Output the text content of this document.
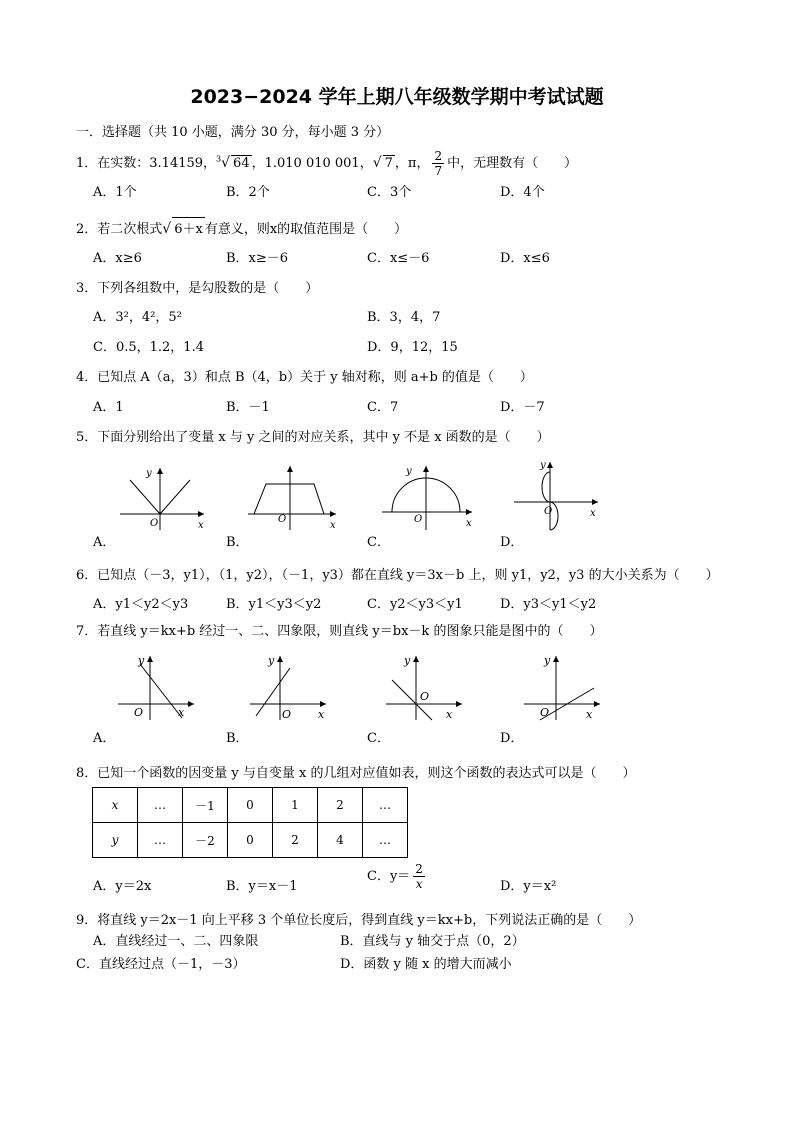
2023−2024 学年上期八年级数学期中考试试题
一．选择题（共 10 小题，满分 30 分，每小题 3 分）
1．在实数：3.14159，$^3$√ 64 ，1.010 010 001，√ 7 ，π， $\frac{2}{7}$ 中，无理数有（　　）
A．1个	B．2个	C．3个	D．4个
2．若二次根式√ 6＋x 有意义，则x的取值范围是（　　）
A．x≥6	B．x≥－6	C．x≤－6	D．x≤6
3．下列各组数中，是勾股数的是（　　）
A．3²，4²，5²	B．3，4，7
C．0.5，1.2，1.4	D．9，12，15
4．已知点 A（a，3）和点 B（4，b）关于 y 轴对称，则 a+b 的值是（　　）
A．1	B．－1	C．7	D．－7
5．下面分别给出了变量 x 与 y 之间的对应关系，其中 y 不是 x 函数的是（　　）
y
x
O	O
x
y
O	x
y
O	x
A．	B．	C．	D．
6．已知点（－3，y1），（1，y2），（－1，y3）都在直线 y＝3x－b 上，则 y1，y2，y3 的大小关系为（　　）
A．y1＜y2＜y3	B．y1＜y3＜y2	C．y2＜y3＜y1	D．y3＜y1＜y2
7．若直线 y＝kx+b 经过一、二、四象限，则直线 y＝bx－k 的图象只能是图中的（　　）
y
O	x
y
O x
y
O
x
y
O	x
A．	B．	C．	D．
8．已知一个函数的因变量 y 与自变量 x 的几组对应值如表，则这个函数的表达式可以是（　　）
x	…	－1	0	1	2	…
y	…	－2	0	2	4	…
A．y＝2x	B．y＝x－1
C．$y= \frac{2}{x}$	D．y＝x²
9．将直线 y＝2x－1 向上平移 3 个单位长度后，得到直线 y＝kx+b，下列说法正确的是（　　）
A．直线经过一、二、四象限	B．直线与 y 轴交于点（0，2）
C．直线经过点（－1，－3）	D．函数 y 随 x 的增大而减小
